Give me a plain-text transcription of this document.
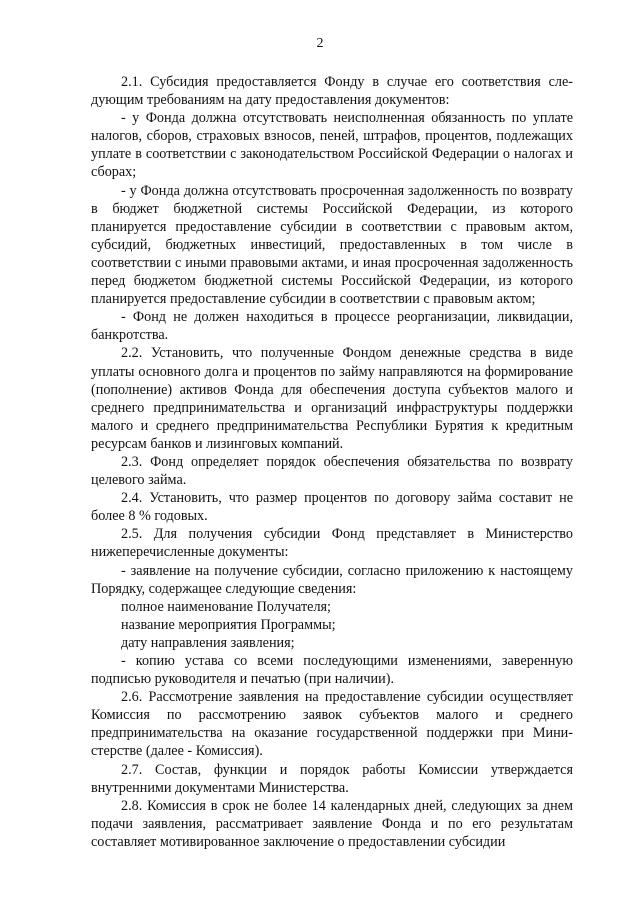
2

2.1. Субсидия предоставляется Фонду в случае его соответствия следующим требованиям на дату предоставления документов:

- у Фонда должна отсутствовать неисполненная обязанность по уплате налогов, сборов, страховых взносов, пеней, штрафов, процентов, подлежащих уплате в соответствии с законодательством Российской Федерации о налогах и сборах;

- у Фонда должна отсутствовать просроченная задолженность по возврату в бюджет бюджетной системы Российской Федерации, из которого планируется предоставление субсидии в соответствии с правовым актом, субсидий, бюджетных инвестиций, предоставленных в том числе в соответствии с иными правовыми актами, и иная просроченная задолженность перед бюджетом бюджетной системы Российской Федерации, из которого планируется предоставление субсидии в соответствии с правовым актом;

- Фонд не должен находиться в процессе реорганизации, ликвидации, банкротства.

2.2. Установить, что полученные Фондом денежные средства в виде уплаты основного долга и процентов по займу направляются на формирование (пополнение) активов Фонда для обеспечения доступа субъектов малого и среднего предпринимательства и организаций инфраструктуры поддержки малого и среднего предпринимательства Республики Бурятия к кредитным ресурсам банков и лизинговых компаний.

2.3. Фонд определяет порядок обеспечения обязательства по возврату целевого займа.

2.4. Установить, что размер процентов по договору займа составит не более 8 % годовых.

2.5. Для получения субсидии Фонд представляет в Министерство нижеперечисленные документы:

- заявление на получение субсидии, согласно приложению к настоящему Порядку, содержащее следующие сведения:

полное наименование Получателя;

название мероприятия Программы;

дату направления заявления;

- копию устава со всеми последующими изменениями, заверенную подписью руководителя и печатью (при наличии).

2.6. Рассмотрение заявления на предоставление субсидии осуществляет Комиссия по рассмотрению заявок субъектов малого и среднего предпринимательства на оказание государственной поддержки при Министерстве (далее - Комиссия).

2.7. Состав, функции и порядок работы Комиссии утверждается внутренними документами Министерства.

2.8. Комиссия в срок не более 14 календарных дней, следующих за днем подачи заявления, рассматривает заявление Фонда и по его результатам составляет мотивированное заключение о предоставлении субсидии
